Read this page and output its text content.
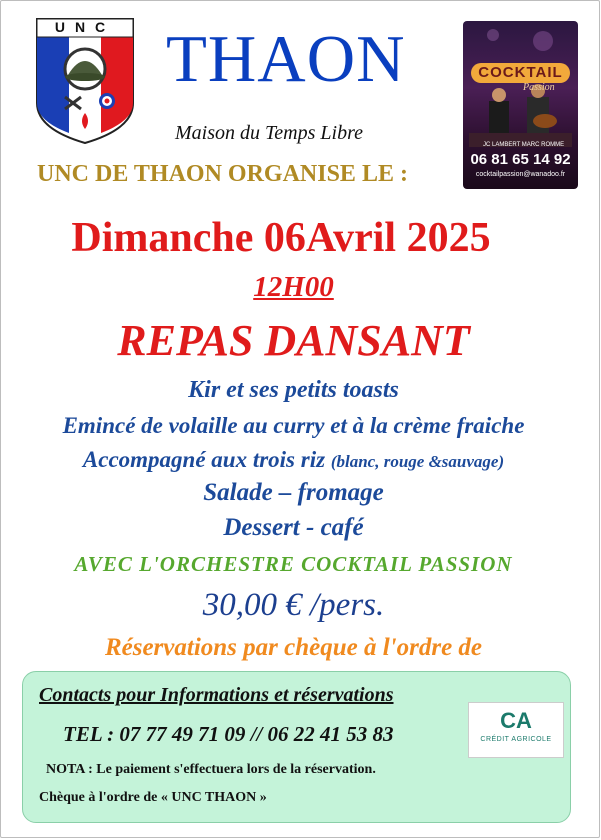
UNC THAON
Maison du Temps Libre
COCKTAIL
Passion
JC LAMBERT MARC ROMME
06 81 65 14 92
cocktailpassion@wanadoo.fr
UNC DE THAON ORGANISE LE :
Dimanche 06Avril 2025
12H00
REPAS DANSANT
Kir et ses petits toasts
Emincé de volaille au curry et à la crème fraiche
Accompagné aux trois riz (blanc, rouge &sauvage)
Salade – fromage
Dessert - café
AVEC L'ORCHESTRE COCKTAIL PASSION
30,00 € /pers.
Réservations par chèque à l'ordre de
Contacts pour Informations et réservations
TEL : 07 77 49 71 09 // 06 22 41 53 83
NOTA : Le paiement s'effectuera lors de la réservation.
Chèque à l'ordre de « UNC THAON »
CA
CRÉDIT AGRICOLE
